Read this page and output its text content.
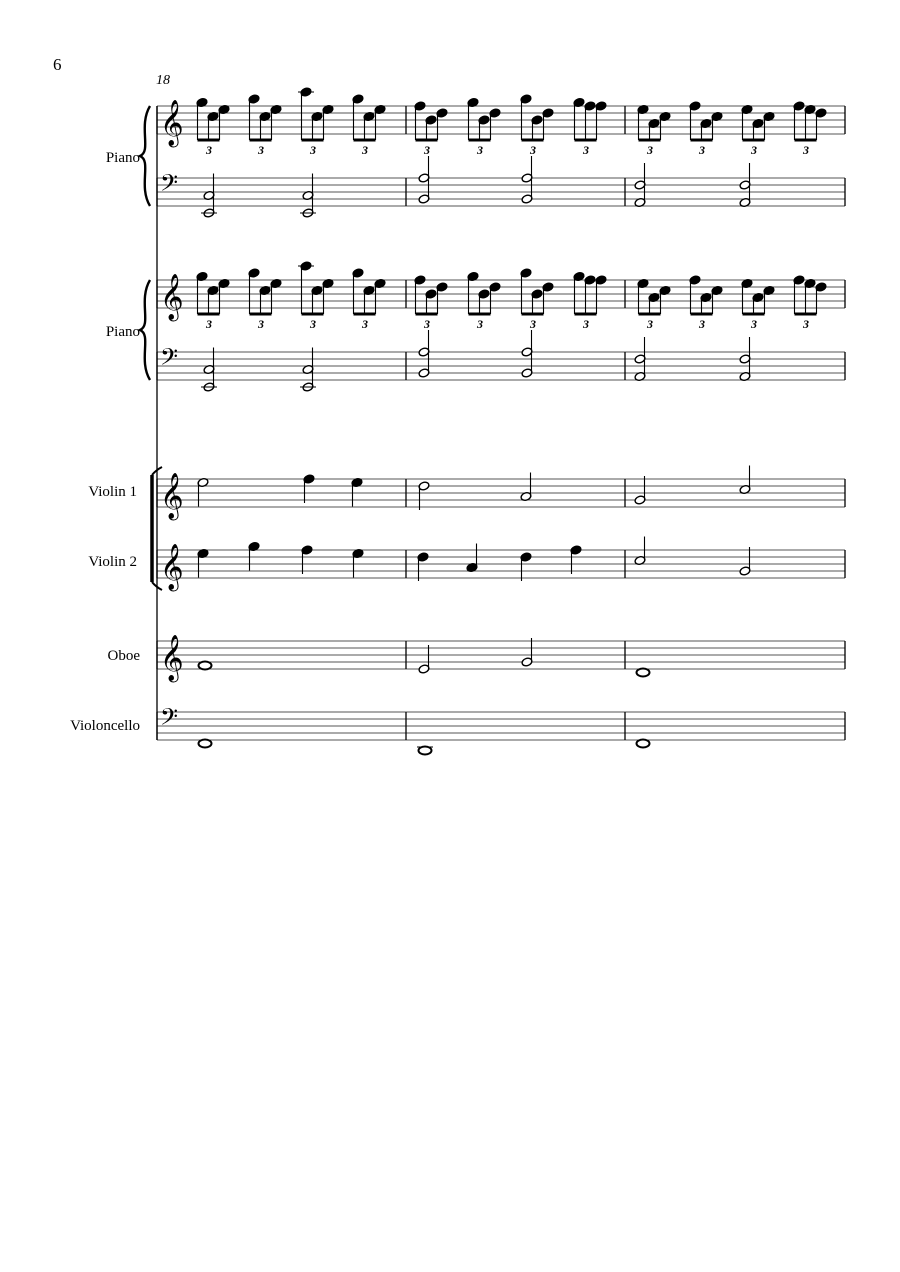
6
18
Piano
Piano
Violin 1
Violin 2
Oboe
Violoncello
𝄞
𝄢
3	3	3	3	3	3	3	3	3	3	3	3
𝄞
𝄢
3	3	3	3	3	3	3	3	3	3	3	3
𝄞
𝄞
𝄞
𝄢
